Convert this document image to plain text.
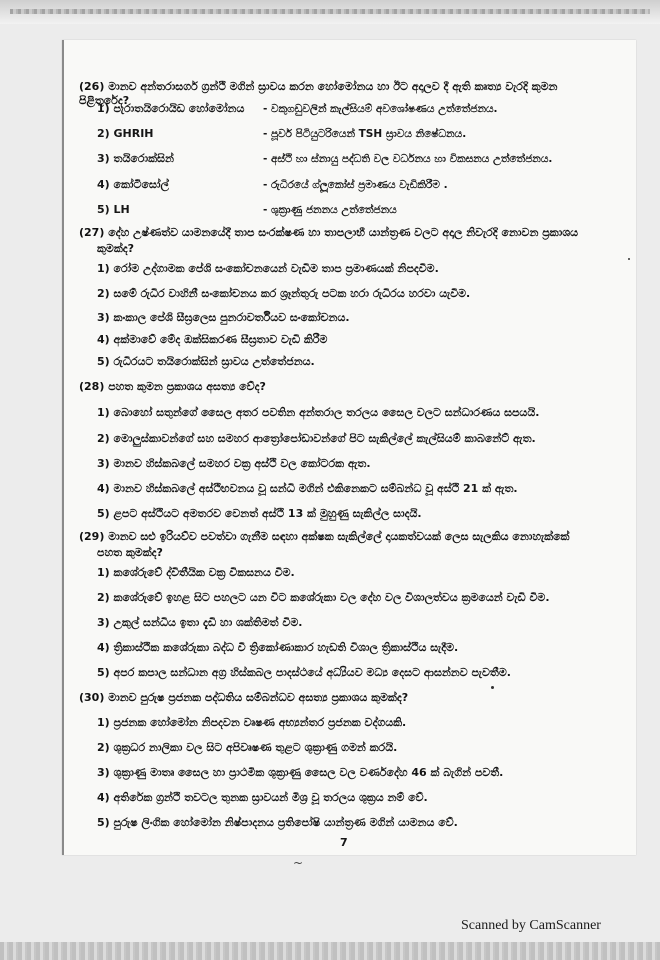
(26) මානව අන්තරාසර්ග ග්‍රන්ථි මගින් ස්‍රාවය කරන හෝමෝනය හා ඊට අදාලව දී ඇති කෘත්‍ය වැරදි කුමන පිළිතුරේද?
1) පැරාතයිරොයිඩ හෝමෝනය - වකුගඩුවලින් කැල්සියම් අවශෝෂණය උත්තේජනය.
2) GHRIH	- පූර්ව පිටියුටරියෙන් TSH ස්‍රාවය නිෂේධනය.
3) තයිරොක්සින්	- අස්ථි හා ස්නායු පද්ධති වල වර්ධනය හා විකසනය උත්තේජනය.
4) කෝටිසෝල්	- රුධිරයේ ග්ලූකෝස් ප්‍රමාණය වැඩිකිරීම .
5) LH	- ශුක්‍රාණු ජනනය උත්තේජනය
(27) දේහ උෂ්ණත්ව යාමනයේදී තාප සංරක්ෂණ හා තාපලාභී යාන්ත්‍රණ වලට අදාල නිවැරදි නොවන ප්‍රකාශය
කුමක්ද?
1) රෝම උද්ගාමක පේශි සංකෝචනයෙන් වැඩිම තාප ප්‍රමාණයක් නිපදවීම.
2) සමේ රුධිර වාහිනී සංකෝචනය කර ශ්‍රෑන්තුරු පටක හරා රුධිරය හරවා යැවීම.
3) කංකාල පේශි සීඝ්‍රලෙස පුනරාවර්තීයව සංකෝචනය.
4) අක්මාවේ මේද ඔක්සිකරණ සීඝ්‍රතාව වැඩි කිරීම
5) රුධිරයට තයිරොක්සින් ස්‍රාවය උත්තේජනය.
(28) පහත කුමන ප්‍රකාශය අසත්‍ය වේද?
1) බොහෝ සතුන්ගේ සෛල අතර පවතින අන්තරාල තරලය සෛල වලට සන්ධාරණය සපයයි.
2) මොලුස්කාවන්ගේ සහ සමහර ආත්‍රෝපෝඩාවන්ගේ පිට සැකිල්ලේ කැල්සියම් කාබනේට් ඇත.
3) මානව හිස්කබලේ සමහර වක්‍ර අස්ථි වල කෝටරක ඇත.
4) මානව හිස්කබලේ අස්ථිභවනය වූ සන්ධි මගින් එකිනෙකට සම්බන්ධ වූ අස්ථි 21 ක් ඇත.
5) ළපට අස්ථියට අමතරව වෙනත් අස්ථි 13 ක් මුහුණු සැකිල්ල සාදයි.
(29) මානව සළු ඉරියව්ව පවත්වා ගැනීම සඳහා අක්ෂක සැකිල්ලේ දායකත්වයක් ලෙස සැලකිය නොහැක්කේ
පහත කුමක්ද?
1) කශේරුවේ ද්විතීයික වක්‍ර විකසනය වීම.
2) කශේරුවේ ඉහළ සිට පහලට යන විට කශේරුකා වල දේහ වල විශාලත්වය ක්‍රමයෙන් වැඩි වීම.
3) උකුල් සන්ධිය ඉතා දැඩි හා ශක්තිමත් වීම.
4) ත්‍රිකාස්ථික කශේරුකා බද්ධ වී ත්‍රිකෝණාකාර හැඩති විශාල ත්‍රිකාස්ථිය සැදීම.
5) අපර කපාල සන්ධාන අග්‍ර හිස්කබල පාදස්ථයේ අධ්‍යියව මධ්‍ය දෙසට ආසන්නව පැවතීම.
(30) මානව පුරුෂ ප්‍රජනක පද්ධතිය සම්බන්ධව අසත්‍ය ප්‍රකාශය කුමක්ද?
1) ප්‍රජනක හෝමෝන නිපදවන වෘෂණ අභ්‍යන්තර ප්‍රජනක වද්‍ගයකි.
2) ශුක්‍රධර නාලිකා වල සිට අපිවෘෂණ තුළට ශුක්‍රාණු ගමන් කරයි.
3) ශුක්‍රාණු මාතෘ සෛල හා ප්‍රාථමික ශුක්‍රාණු සෛල වල වර්ණදේහ 46 ක් බැගින් පවතී.
4) අතිරේක ග්‍රන්ථි තවටල තුනක ස්‍රාවයන් මිශ්‍ර වූ තරලය ශුක්‍රය නම් වේ.
5) පුරුෂ ලිංගික හෝමෝන නිෂ්පාදනය ප්‍රතිපෝෂි යාන්ත්‍රණ මගින් යාමනය වේ.
7
~
Scanned by CamScanner
